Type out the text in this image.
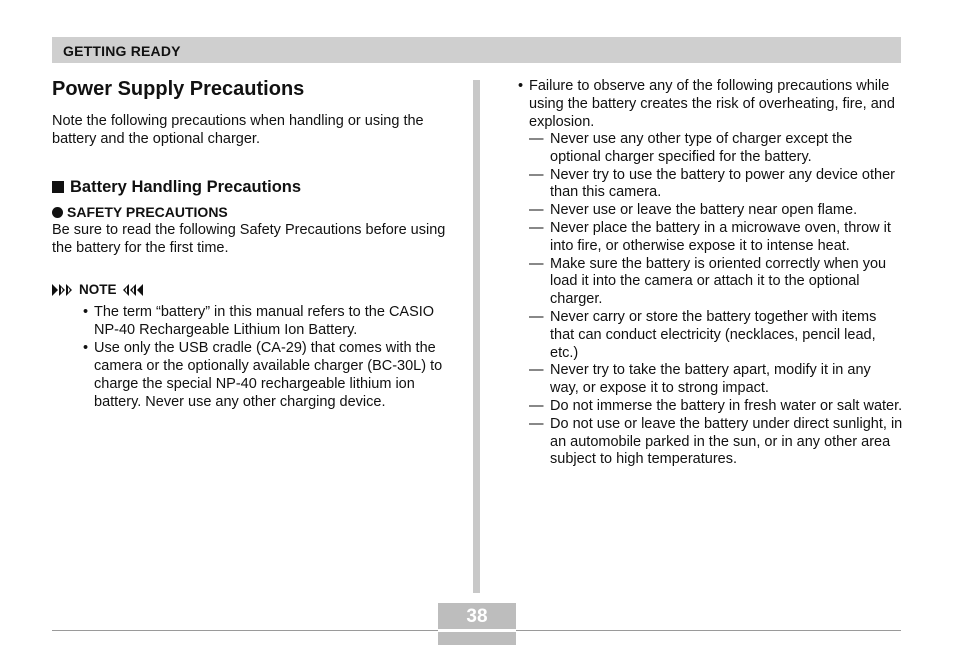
GETTING READY
Power Supply Precautions
Note the following precautions when handling or using the battery and the optional charger.
Battery Handling Precautions
SAFETY PRECAUTIONS
Be sure to read the following Safety Precautions before using the battery for the first time.
NOTE
• The term “battery” in this manual refers to the CASIO NP-40 Rechargeable Lithium Ion Battery.
• Use only the USB cradle (CA-29) that comes with the camera or the optionally available charger (BC-30L) to charge the special NP-40 rechargeable lithium ion battery. Never use any other charging device.
• Failure to observe any of the following precautions while using the battery creates the risk of overheating, fire, and explosion.
— Never use any other type of charger except the optional charger specified for the battery.
— Never try to use the battery to power any device other than this camera.
— Never use or leave the battery near open flame.
— Never place the battery in a microwave oven, throw it into fire, or otherwise expose it to intense heat.
— Make sure the battery is oriented correctly when you load it into the camera or attach it to the optional charger.
— Never carry or store the battery together with items that can conduct electricity (necklaces, pencil lead, etc.)
— Never try to take the battery apart, modify it in any way, or expose it to strong impact.
— Do not immerse the battery in fresh water or salt water.
— Do not use or leave the battery under direct sunlight, in an automobile parked in the sun, or in any other area subject to high temperatures.
38
